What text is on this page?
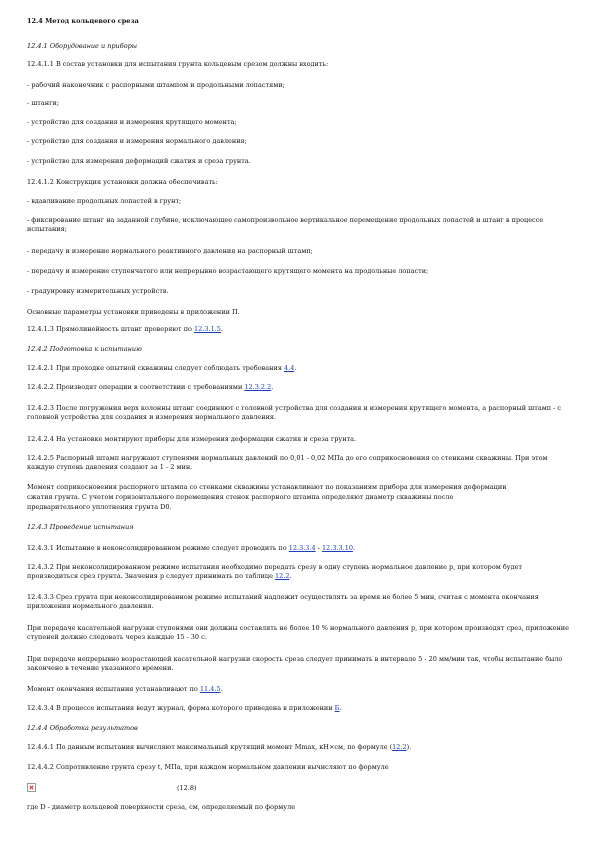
12.4 Метод кольцевого среза

12.4.1 Оборудование и приборы

12.4.1.1 В состав установки для испытания грунта кольцевым срезом должны входить:

- рабочий наконечник с распорными штампом и продольными лопастями;

- штанги;

- устройство для создания и измерения крутящего момента;

- устройство для создания и измерения нормального давления;

- устройство для измерения деформаций сжатия и среза грунта.

12.4.1.2 Конструкция установки должна обеспечивать:

- вдавливание продольных лопастей в грунт;

- фиксирование штанг на заданной глубине, исключающее самопроизвольное вертикальное перемещение продольных лопастей и штанг в процессе испытания;

- передачу и измерение нормального реактивного давления на распорный штамп;

- передачу и измерение ступенчатого или непрерывно возрастающего крутящего момента на продольные лопасти;

- градуировку измерительных устройств.

Основные параметры установки приведены в приложении П.

12.4.1.3 Прямолинейность штанг проверяют по 12.3.1.5.

12.4.2 Подготовка к испытанию

12.4.2.1 При проходке опытной скважины следует соблюдать требования 4.4.

12.4.2.2 Производят операции в соответствии с требованиями 12.3.2.2.

12.4.2.3 После погружения верх колонны штанг соединяют с головной устройства для создания и измерения крутящего момента, а распорный штамп - с головной устройства для создания и измерения нормального давления.

12.4.2.4 На установке монтируют приборы для измерения деформации сжатия и среза грунта.

12.4.2.5 Распорный штамп нагружают ступенями нормальных давлений по 0,01 - 0,02 МПа до его соприкосновения со стенками скважины. При этом каждую ступень давления создают за 1 - 2 мин.

Момент соприкосновения распорного штампа со стенками скважины устанавливают по показаниям прибора для измерения деформации

сжатия грунта. С учетом горизонтального перемещения стенок распорного штампа определяют диаметр скважины после

предварительного уплотнения грунта D0.

12.4.3 Проведение испытания

12.4.3.1 Испытание в неконсолидированном режиме следует проводить по 12.3.3.4 - 12.3.3.10.

12.4.3.2 При неконсолидированном режиме испытания необходимо передать срезу в одну ступень нормальное давление р, при котором будет производиться срез грунта. Значения р следует принимать по таблице 12.2.

12.4.3.3 Срез грунта при неконсолидированном режиме испытаний надлежит осуществлять за время не более 5 мин, считая с момента окончания приложения нормального давления.

При передаче касательной нагрузки ступенями они должны составлять не более 10 % нормального давления р, при котором производят срез, приложение ступеней должно следовать через каждые 15 - 30 с.

При передаче непрерывно возрастающей касательной нагрузки скорость среза следует принимать в интервале 5 - 20 мм/мин так, чтобы испытание было закончено в течение указанного времени.

Момент окончания испытания устанавливают по 11.4.5.

12.4.3.4 В процессе испытания ведут журнал, форма которого приведена в приложении Б.

12.4.4 Обработка результатов

12.4.4.1 По данным испытания вычисляют максимальный крутящий момент Mmax, кН×см, по формуле (12.2).

12.4.4.2 Сопротивление грунта срезу t, МПа, при каждом нормальном давлении вычисляют по формуле

(12.8)

где D - диаметр кольцевой поверхности среза, см, определяемый по формуле
